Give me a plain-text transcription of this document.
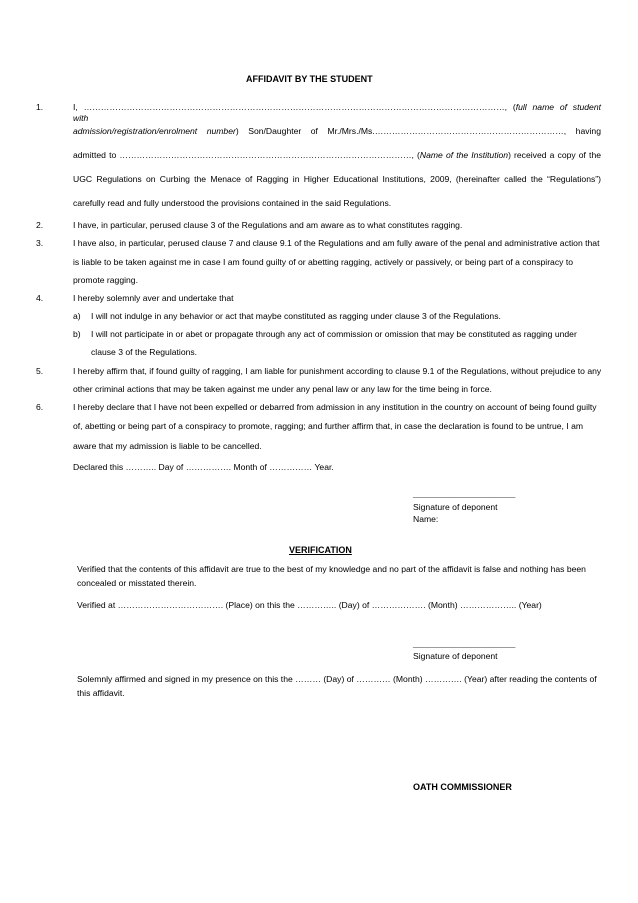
AFFIDAVIT BY THE STUDENT
1.	I, …………………………………………………………………………………………………………………………………, (full name of student with
admission/registration/enrolment number) Son/Daughter of Mr./Mrs./Ms.…………………………………………………………, having
admitted to …………………………………………………………………………………………, (Name of the Institution) received a copy of the
UGC Regulations on Curbing the Menace of Ragging in Higher Educational Institutions, 2009, (hereinafter called the “Regulations”)
carefully read and fully understood the provisions contained in the said Regulations.
2.	I have, in particular, perused clause 3 of the Regulations and am aware as to what constitutes ragging.
3.	I have also, in particular, perused clause 7 and clause 9.1 of the Regulations and am fully aware of the penal and administrative action that
is liable to be taken against me in case I am found guilty of or abetting ragging, actively or passively, or being part of a conspiracy to
promote ragging.
4.	I hereby solemnly aver and undertake that
a) I will not indulge in any behavior or act that maybe constituted as ragging under clause 3 of the Regulations.
b) I will not participate in or abet or propagate through any act of commission or omission that may be constituted as ragging under
clause 3 of the Regulations.
5.	I hereby affirm that, if found guilty of ragging, I am liable for punishment according to clause 9.1 of the Regulations, without prejudice to any
other criminal actions that may be taken against me under any penal law or any law for the time being in force.
6.	I hereby declare that I have not been expelled or debarred from admission in any institution in the country on account of being found guilty
of, abetting or being part of a conspiracy to promote, ragging; and further affirm that, in case the declaration is found to be untrue, I am
aware that my admission is liable to be cancelled.
Declared this ……….. Day of ……………. Month of …………… Year.
_______________________
Signature of deponent
Name:
VERIFICATION
Verified that the contents of this affidavit are true to the best of my knowledge and no part of the affidavit is false and nothing has been concealed or misstated therein.
Verified at ………………………………. (Place) on this the ………….. (Day) of ………………. (Month) ……………….. (Year)
_______________________
Signature of deponent
Solemnly affirmed and signed in my presence on this the ……… (Day) of ………… (Month) …………. (Year) after reading the contents of this affidavit.
OATH COMMISSIONER
